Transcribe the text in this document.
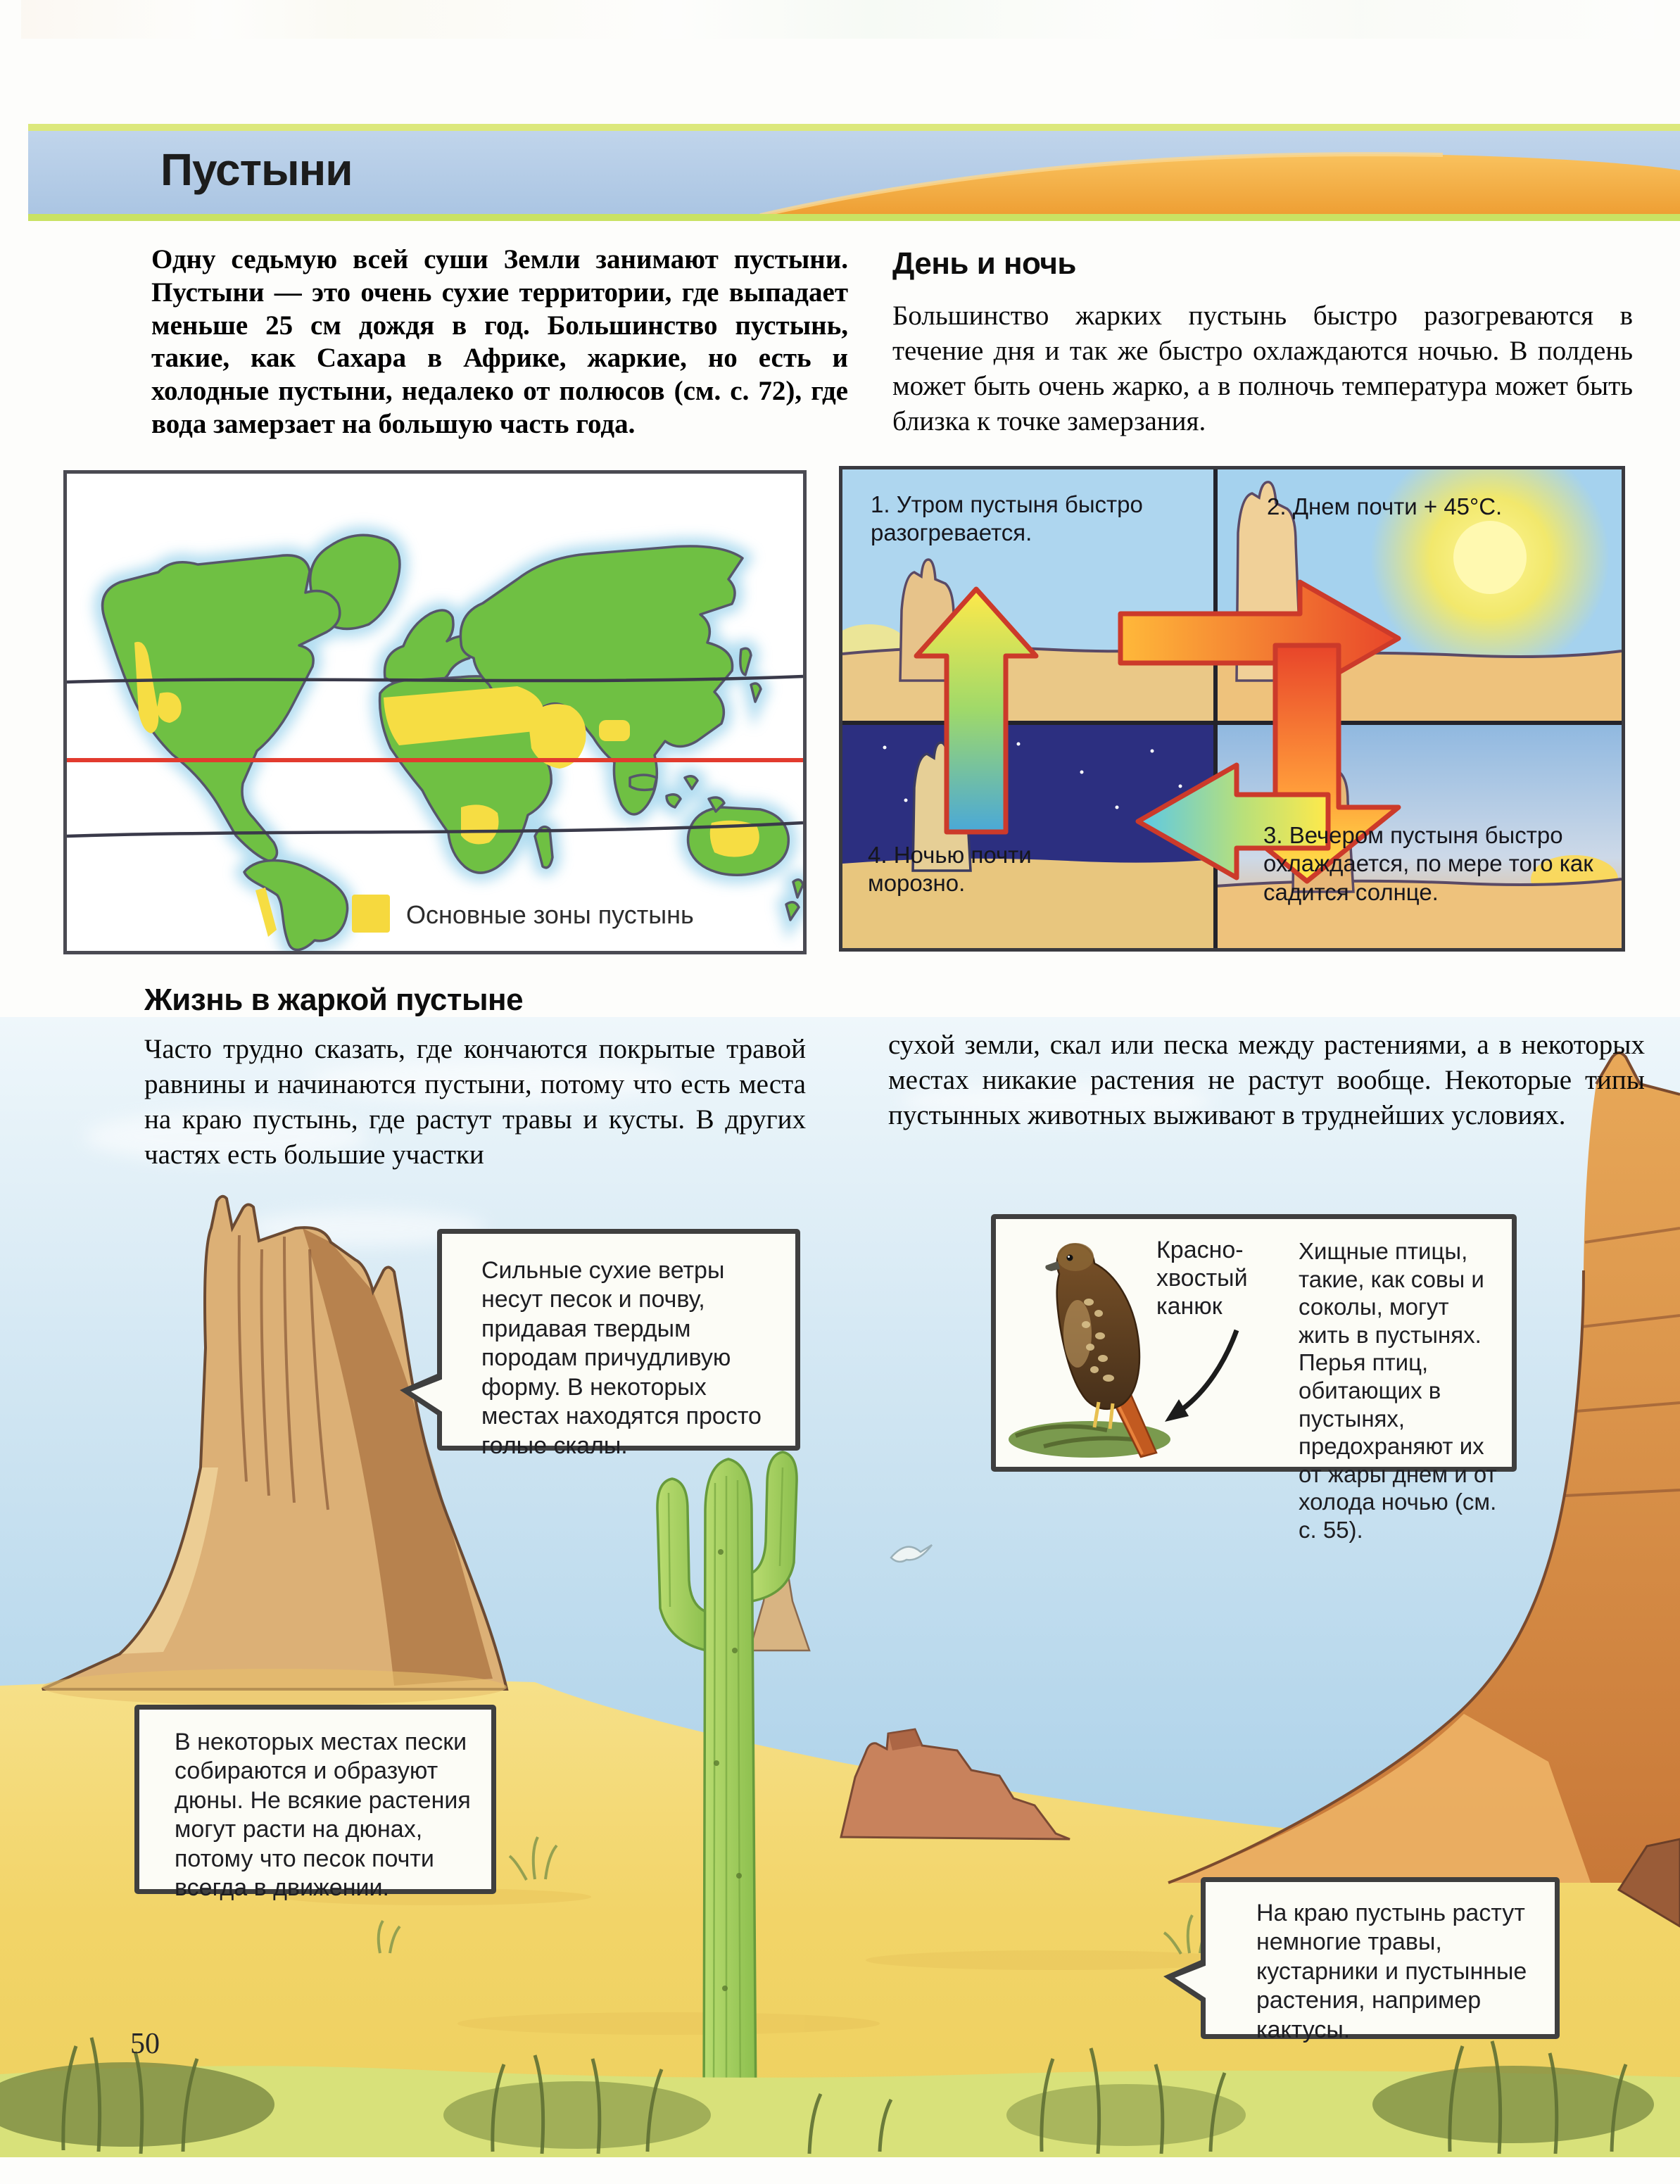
Пустыни
Одну седьмую всей суши Земли занимают пустыни. Пустыни — это очень сухие территории, где выпадает меньше 25 см дождя в год. Большинство пустынь, такие, как Сахара в Африке, жаркие, но есть и холодные пустыни, недалеко от полюсов (см. с. 72), где вода замерзает на большую часть года.
День и ночь
Большинство жарких пустынь быстро разогреваются в течение дня и так же быстро охлаждаются ночью. В полдень может быть очень жарко, а в полночь температура может быть близка к точке замерзания.
Основные зоны пустынь
1. Утром пустыня быстро разогревается.
2. Днем почти + 45°С.
4. Ночью почти морозно.
3. Вечером пустыня быстро охлаждается, по мере того как садится солнце.
Жизнь в жаркой пустыне
Часто трудно сказать, где кончаются покрытые травой равнины и начинаются пустыни, потому что есть места на краю пустынь, где растут травы и кусты. В других частях есть большие участки
сухой земли, скал или песка между растениями, а в некоторых местах никакие растения не растут вообще. Некоторые типы пустынных животных выживают в труднейших условиях.
Сильные сухие ветры несут песок и почву, придавая твердым породам причудливую форму. В некоторых местах находятся просто голые скалы.
Красно-хвостый канюк
Хищные птицы, такие, как совы и соколы, могут жить в пустынях. Перья птиц, обитающих в пустынях, предохраняют их от жары днем и от холода ночью (см. с. 55).
В некоторых местах пески собираются и образуют дюны. Не всякие растения могут расти на дюнах, потому что песок почти всегда в движении.
На краю пустынь растут немногие травы, кустарники и пустынные растения, например кактусы.
50
